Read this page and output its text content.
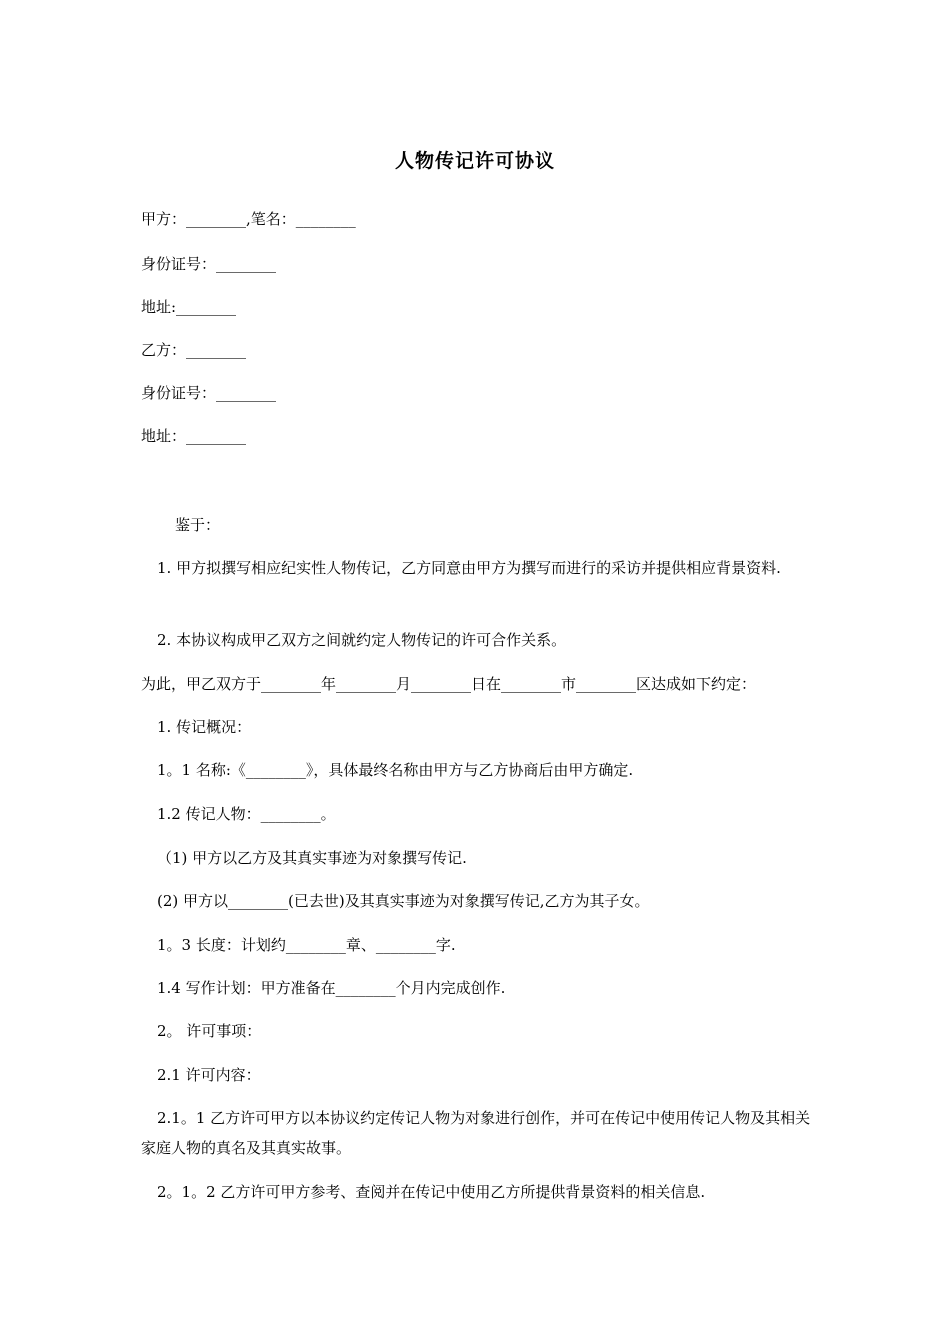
人物传记许可协议
甲方：________,笔名：________
身份证号：________
地址:________
乙方：________
身份证号：________
地址：________
鉴于：
1. 甲方拟撰写相应纪实性人物传记，乙方同意由甲方为撰写而进行的采访并提供相应背景资料.
2. 本协议构成甲乙双方之间就约定人物传记的许可合作关系。
为此，甲乙双方于________年________月________日在________市________区达成如下约定：
1. 传记概况：
1。1 名称:《________》，具体最终名称由甲方与乙方协商后由甲方确定.
1.2 传记人物：________。
（1) 甲方以乙方及其真实事迹为对象撰写传记.
(2) 甲方以________(已去世)及其真实事迹为对象撰写传记,乙方为其子女。
1。3 长度：计划约________章、________字.
1.4 写作计划：甲方准备在________个月内完成创作.
2。 许可事项：
2.1 许可内容：
2.1。1 乙方许可甲方以本协议约定传记人物为对象进行创作，并可在传记中使用传记人物及其相关家庭人物的真名及其真实故事。
2。1。2 乙方许可甲方参考、查阅并在传记中使用乙方所提供背景资料的相关信息.
